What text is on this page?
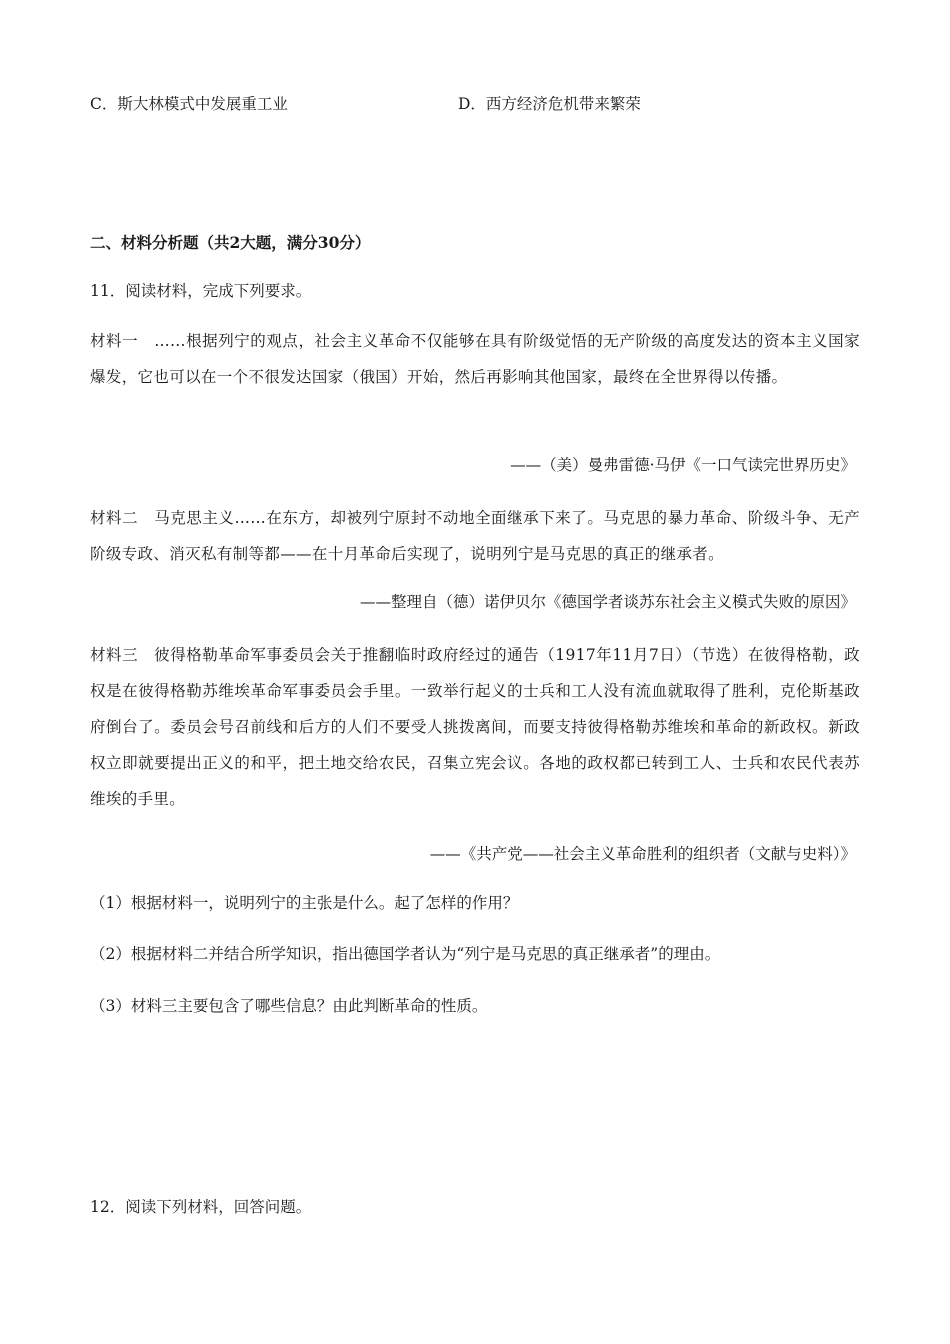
C．斯大林模式中发展重工业	D．西方经济危机带来繁荣
二、材料分析题（共2大题，满分30分）
11．阅读材料，完成下列要求。
材料一　……根据列宁的观点，社会主义革命不仅能够在具有阶级觉悟的无产阶级的高度发达的资本主义国家爆发，它也可以在一个不很发达国家（俄国）开始，然后再影响其他国家，最终在全世界得以传播。
——（美）曼弗雷德·马伊《一口气读完世界历史》
材料二　马克思主义……在东方，却被列宁原封不动地全面继承下来了。马克思的暴力革命、阶级斗争、无产阶级专政、消灭私有制等都——在十月革命后实现了，说明列宁是马克思的真正的继承者。
——整理自（德）诺伊贝尔《德国学者谈苏东社会主义模式失败的原因》
材料三　彼得格勒革命军事委员会关于推翻临时政府经过的通告（1917年11月7日）（节选）在彼得格勒，政权是在彼得格勒苏维埃革命军事委员会手里。一致举行起义的士兵和工人没有流血就取得了胜利，克伦斯基政府倒台了。委员会号召前线和后方的人们不要受人挑拨离间，而要支持彼得格勒苏维埃和革命的新政权。新政权立即就要提出正义的和平，把土地交给农民，召集立宪会议。各地的政权都已转到工人、士兵和农民代表苏维埃的手里。
——《共产党——社会主义革命胜利的组织者（文献与史料）》
（1）根据材料一，说明列宁的主张是什么。起了怎样的作用？
（2）根据材料二并结合所学知识，指出德国学者认为“列宁是马克思的真正继承者”的理由。
（3）材料三主要包含了哪些信息？由此判断革命的性质。
12．阅读下列材料，回答问题。
